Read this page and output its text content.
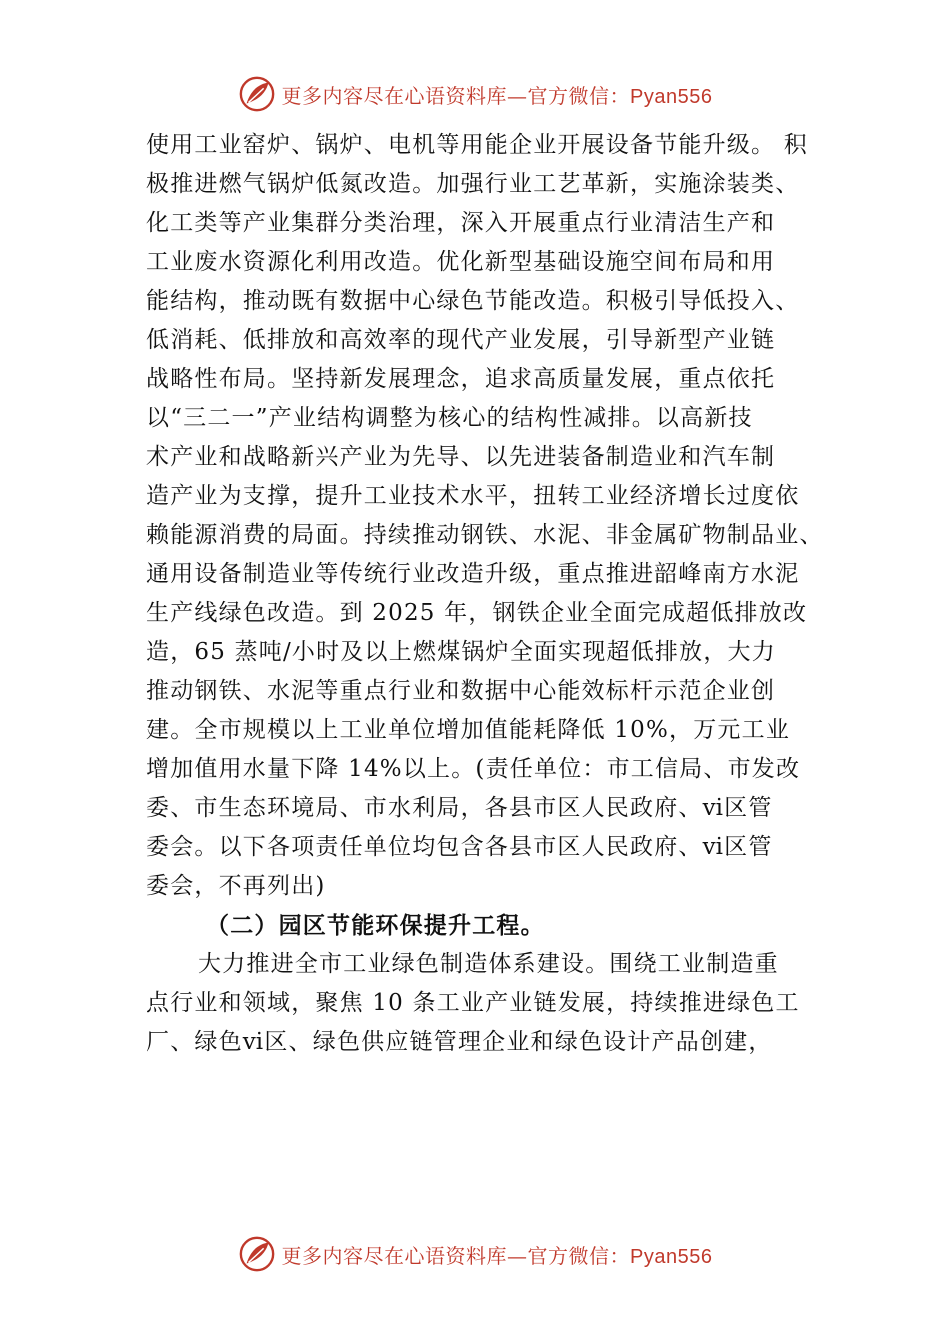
更多内容尽在心语资料库—官方微信：Pyan556
使用工业窑炉、锅炉、电机等用能企业开展设备节能升级。 积
极推进燃气锅炉低氮改造。加强行业工艺革新，实施涂装类、
化工类等产业集群分类治理，深入开展重点行业清洁生产和
工业废水资源化利用改造。优化新型基础设施空间布局和用
能结构，推动既有数据中心绿色节能改造。积极引导低投入、
低消耗、低排放和高效率的现代产业发展，引导新型产业链
战略性布局。坚持新发展理念，追求高质量发展，重点依托
以“三二一”产业结构调整为核心的结构性减排。以高新技
术产业和战略新兴产业为先导、以先进装备制造业和汽车制
造产业为支撑，提升工业技术水平，扭转工业经济增长过度依
赖能源消费的局面。持续推动钢铁、水泥、非金属矿物制品业、
通用设备制造业等传统行业改造升级，重点推进韶峰南方水泥
生产线绿色改造。到 2025 年，钢铁企业全面完成超低排放改
造，65 蒸吨/小时及以上燃煤锅炉全面实现超低排放，大力
推动钢铁、水泥等重点行业和数据中心能效标杆示范企业创
建。全市规模以上工业单位增加值能耗降低 10%，万元工业
增加值用水量下降 14%以上。(责任单位：市工信局、市发改
委、市生态环境局、市水利局，各县市区人民政府、ⅵ区管
委会。以下各项责任单位均包含各县市区人民政府、ⅵ区管
委会，不再列出)
（二）园区节能环保提升工程。
大力推进全市工业绿色制造体系建设。围绕工业制造重
点行业和领域，聚焦 10 条工业产业链发展，持续推进绿色工
厂、绿色ⅵ区、绿色供应链管理企业和绿色设计产品创建，
更多内容尽在心语资料库—官方微信：Pyan556
